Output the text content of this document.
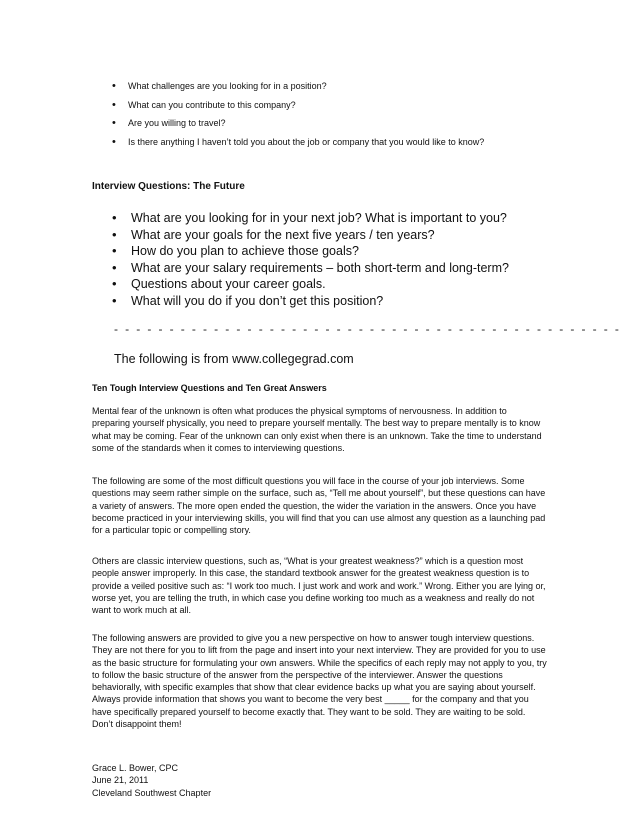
• What challenges are you looking for in a position?
• What can you contribute to this company?
• Are you willing to travel?
• Is there anything I haven’t told you about the job or company that you would like to know?
Interview Questions: The Future
• What are you looking for in your next job? What is important to you?
• What are your goals for the next five years / ten years?
• How do you plan to achieve those goals?
• What are your salary requirements – both short-term and long-term?
• Questions about your career goals.
• What will you do if you don’t get this position?
- - - - - - - - - - - - - - - - - - - - - - - - - - - - - - - - - - - - - - - - - - - - - -
The following is from www.collegegrad.com
Ten Tough Interview Questions and Ten Great Answers

Mental fear of the unknown is often what produces the physical symptoms of nervousness. In addition to preparing yourself physically, you need to prepare yourself mentally. The best way to prepare mentally is to know what may be coming. Fear of the unknown can only exist when there is an unknown. Take the time to understand some of the standards when it comes to interviewing questions.

The following are some of the most difficult questions you will face in the course of your job interviews. Some questions may seem rather simple on the surface, such as, “Tell me about yourself”, but these questions can have a variety of answers. The more open ended the question, the wider the variation in the answers. Once you have become practiced in your interviewing skills, you will find that you can use almost any question as a launching pad for a particular topic or compelling story.

Others are classic interview questions, such as, “What is your greatest weakness?” which is a question most people answer improperly. In this case, the standard textbook answer for the greatest weakness question is to provide a veiled positive such as: “I work too much. I just work and work and work.” Wrong. Either you are lying or, worse yet, you are telling the truth, in which case you define working too much as a weakness and really do not want to work much at all.

The following answers are provided to give you a new perspective on how to answer tough interview questions. They are not there for you to lift from the page and insert into your next interview. They are provided for you to use as the basic structure for formulating your own answers. While the specifics of each reply may not apply to you, try to follow the basic structure of the answer from the perspective of the interviewer. Answer the questions behaviorally, with specific examples that show that clear evidence backs up what you are saying about yourself. Always provide information that shows you want to become the very best _____ for the company and that you have specifically prepared yourself to become exactly that. They want to be sold. They are waiting to be sold. Don’t disappoint them!

Grace L. Bower, CPC
June 21, 2011
Cleveland Southwest Chapter
